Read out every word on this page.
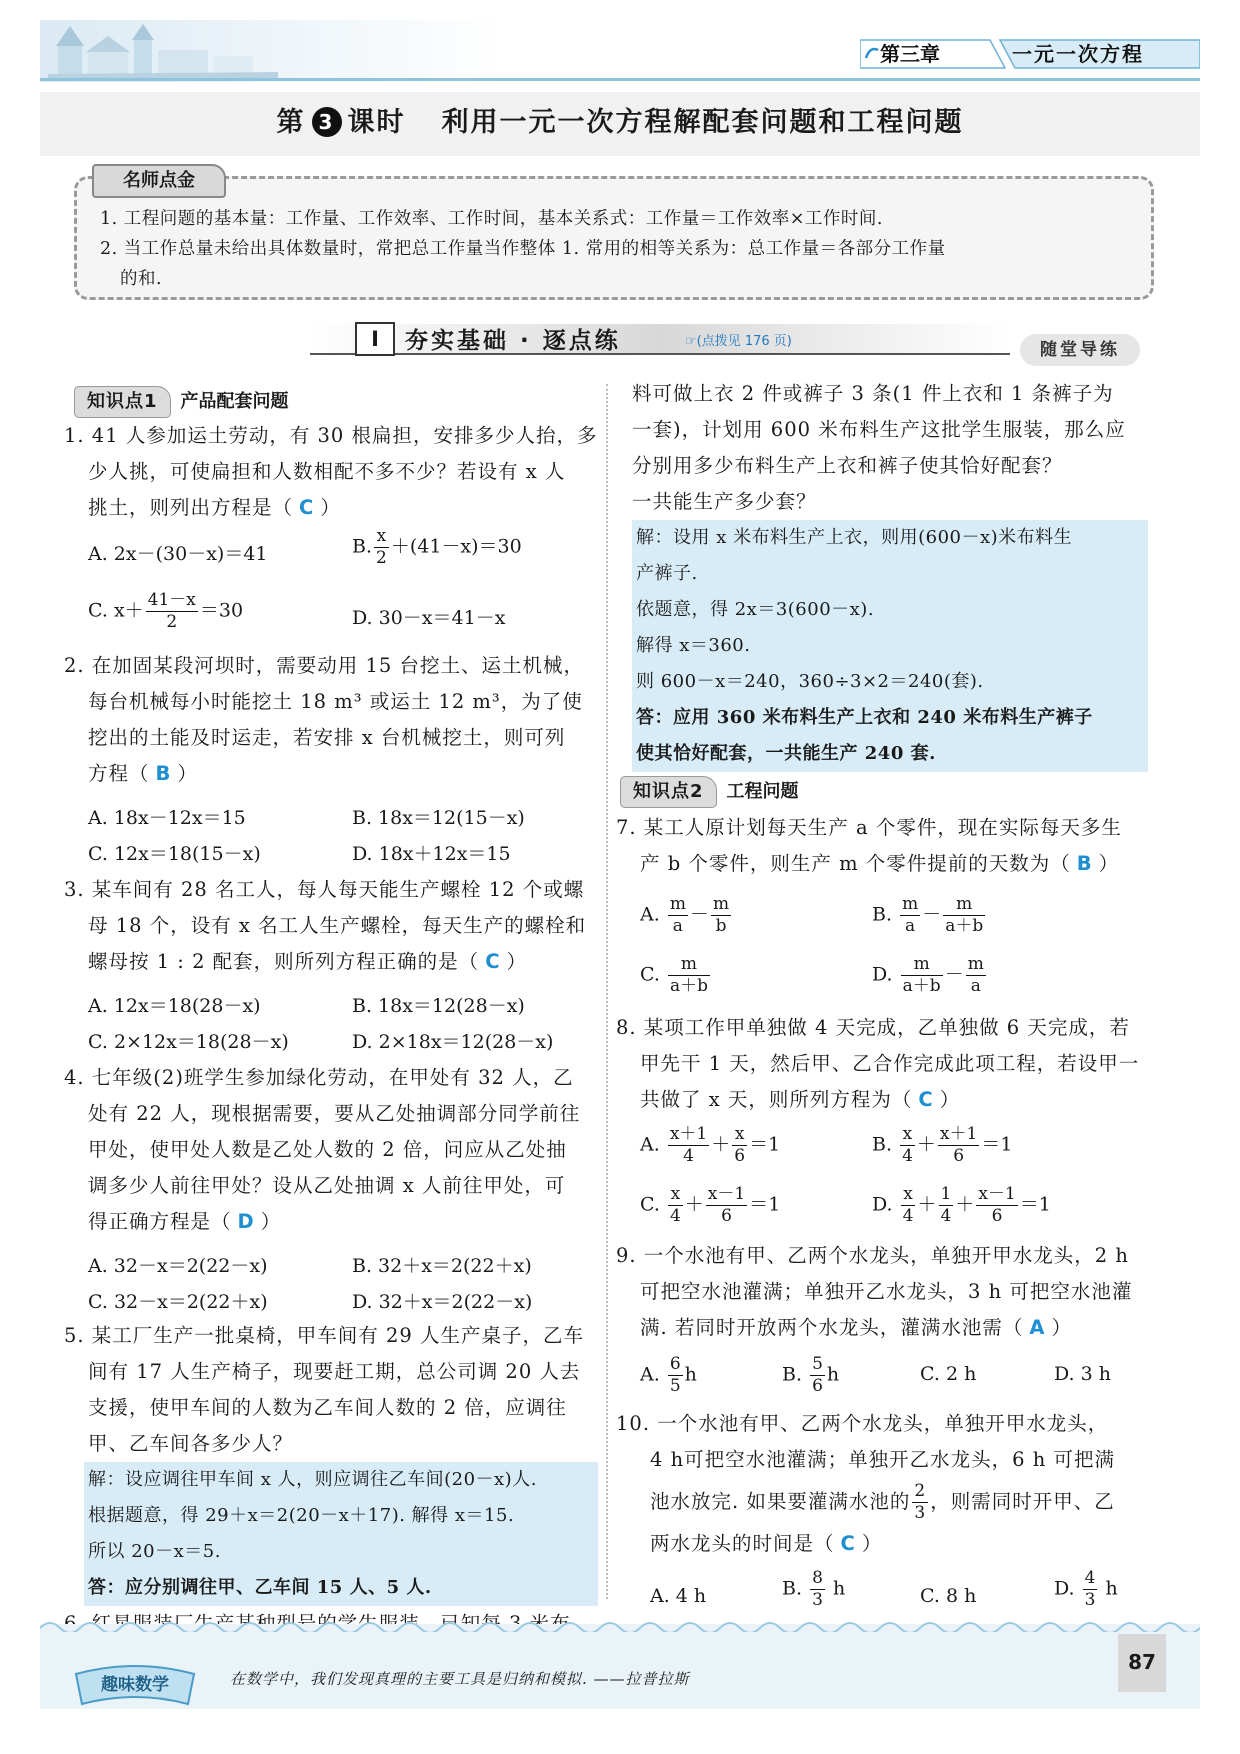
第三章	一元一次方程
第 3 课时 利用一元一次方程解配套问题和工程问题
名师点金
1. 工程问题的基本量：工作量、工作效率、工作时间，基本关系式：工作量＝工作效率×工作时间.
2. 当工作总量未给出具体数量时，常把总工作量当作整体 1. 常用的相等关系为：总工作量＝各部分工作量
的和.
I	夯实基础 · 逐点练	☞(点拨见 176 页)	随堂导练
知识点1 产品配套问题
1. 41 人参加运土劳动，有 30 根扁担，安排多少人抬，多
少人挑，可使扁担和人数相配不多不少？若设有 x 人
挑土，则列出方程是（ C ）
A. 2x－(30－x)＝41	B. $\frac{x}{2} +(41-x)=30$
C. $x+ \frac{41-x}{2} =30$	D. 30－x＝41－x
2. 在加固某段河坝时，需要动用 15 台挖土、运土机械，
每台机械每小时能挖土 18 m³ 或运土 12 m³，为了使
挖出的土能及时运走，若安排 x 台机械挖土，则可列
方程（ B ）
A. 18x－12x＝15	B. 18x＝12(15－x)
C. 12x＝18(15－x)	D. 18x＋12x＝15
3. 某车间有 28 名工人，每人每天能生产螺栓 12 个或螺
母 18 个，设有 x 名工人生产螺栓，每天生产的螺栓和
螺母按 1 : 2 配套，则所列方程正确的是（ C ）
A. 12x＝18(28－x)	B. 18x＝12(28－x)
C. 2×12x＝18(28－x)	D. 2×18x＝12(28－x)
4. 七年级(2)班学生参加绿化劳动，在甲处有 32 人，乙
处有 22 人，现根据需要，要从乙处抽调部分同学前往
甲处，使甲处人数是乙处人数的 2 倍，问应从乙处抽
调多少人前往甲处？设从乙处抽调 x 人前往甲处，可
得正确方程是（ D ）
A. 32－x＝2(22－x)	B. 32＋x＝2(22＋x)
C. 32－x＝2(22＋x)	D. 32＋x＝2(22－x)
5. 某工厂生产一批桌椅，甲车间有 29 人生产桌子，乙车
间有 17 人生产椅子，现要赶工期，总公司调 20 人去
支援，使甲车间的人数为乙车间人数的 2 倍，应调往
甲、乙车间各多少人？
解：设应调往甲车间 x 人，则应调往乙车间(20－x)人.
根据题意，得 29＋x＝2(20－x＋17). 解得 x＝15.
所以 20－x＝5.
答：应分别调往甲、乙车间 15 人、5 人.
料可做上衣 2 件或裤子 3 条(1 件上衣和 1 条裤子为
一套)，计划用 600 米布料生产这批学生服装，那么应
分别用多少布料生产上衣和裤子使其恰好配套？
一共能生产多少套？
解：设用 x 米布料生产上衣，则用(600－x)米布料生
产裤子.
依题意，得 2x＝3(600－x).
解得 x＝360.
则 600－x＝240，360÷3×2＝240(套).
答：应用 360 米布料生产上衣和 240 米布料生产裤子
使其恰好配套，一共能生产 240 套.
知识点2 工程问题
7. 某工人原计划每天生产 a 个零件，现在实际每天多生
产 b 个零件，则生产 m 个零件提前的天数为（ B ）
A. $\frac{m}{a} - \frac{m}{b}$	B. $\frac{m}{a} - \frac{m}{a+b}$
C. $\frac{m}{a+b}$	D. $\frac{m}{a+b} - \frac{m}{a}$
8. 某项工作甲单独做 4 天完成，乙单独做 6 天完成，若
甲先干 1 天，然后甲、乙合作完成此项工程，若设甲一
共做了 x 天，则所列方程为（ C ）
A. $\frac{x+1}{4} + \frac{x}{6} =1$	B. $\frac{x}{4} + \frac{x+1}{6} =1$
C. $\frac{x}{4} + \frac{x-1}{6} =1$	D. $\frac{x}{4} + \frac{1}{4} + \frac{x-1}{6} =1$
9. 一个水池有甲、乙两个水龙头，单独开甲水龙头，2 h
可把空水池灌满；单独开乙水龙头，3 h 可把空水池灌
满. 若同时开放两个水龙头，灌满水池需（ A ）
A. $\frac{6}{5}$ h	B. $\frac{5}{6}$ h	C. 2 h	D. 3 h
10. 一个水池有甲、乙两个水龙头，单独开甲水龙头，
4 h可把空水池灌满；单独开乙水龙头，6 h 可把满
池水放完. 如果要灌满水池的 $\frac{2}{3}$ ，则需同时开甲、乙
两水龙头的时间是（ C ）
A. 4 h	B. $\frac{8}{3}$ h	C. 8 h	D. $\frac{4}{3}$ h
趣味数学	在数学中，我们发现真理的主要工具是归纳和模拟. ——拉普拉斯
87
